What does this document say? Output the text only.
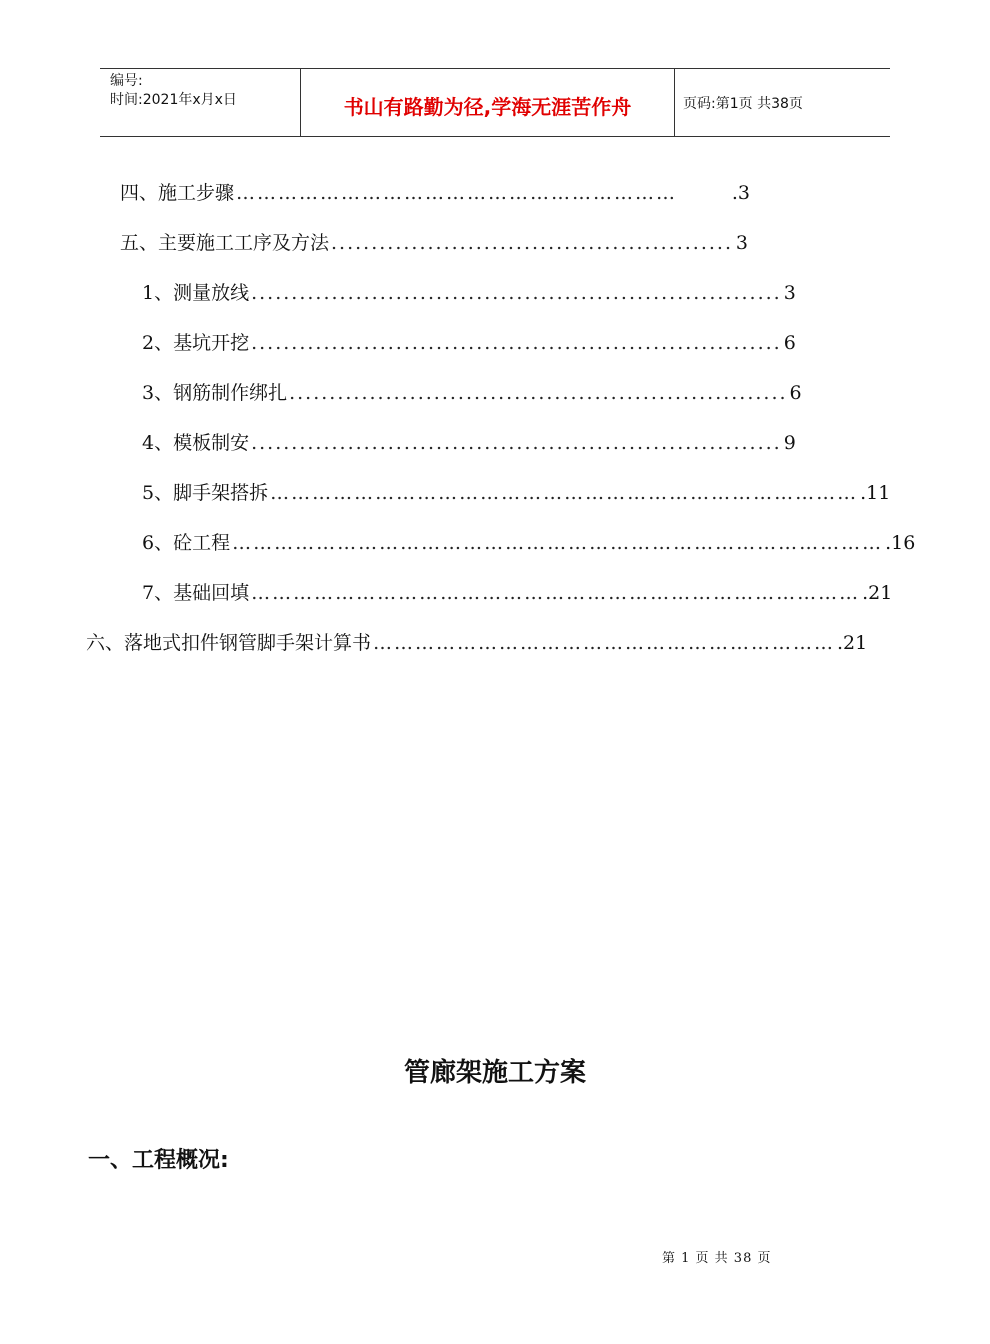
编号:
时间:2021年x月x日	书山有路勤为径,学海无涯苦作舟	页码:第1页 共38页
四、施工步骤 ………………………………………………………	.3
五、主要施工工序及方法 .................................................. 3
1、测量放线 .................................................................. 3
2、基坑开挖 .................................................................. 6
3、钢筋制作绑扎 .............................................................. 6
4、模板制安 .................................................................. 9
5、脚手架搭拆 ………………………………………………………………………… .11
6、砼工程 ………………………………………………………………………………… .16
7、基础回填 …………………………………………………………………………… .21
六、落地式扣件钢管脚手架计算书 ………………………………………………………… .21
管廊架施工方案
一、工程概况:
第 1 页 共 38 页
